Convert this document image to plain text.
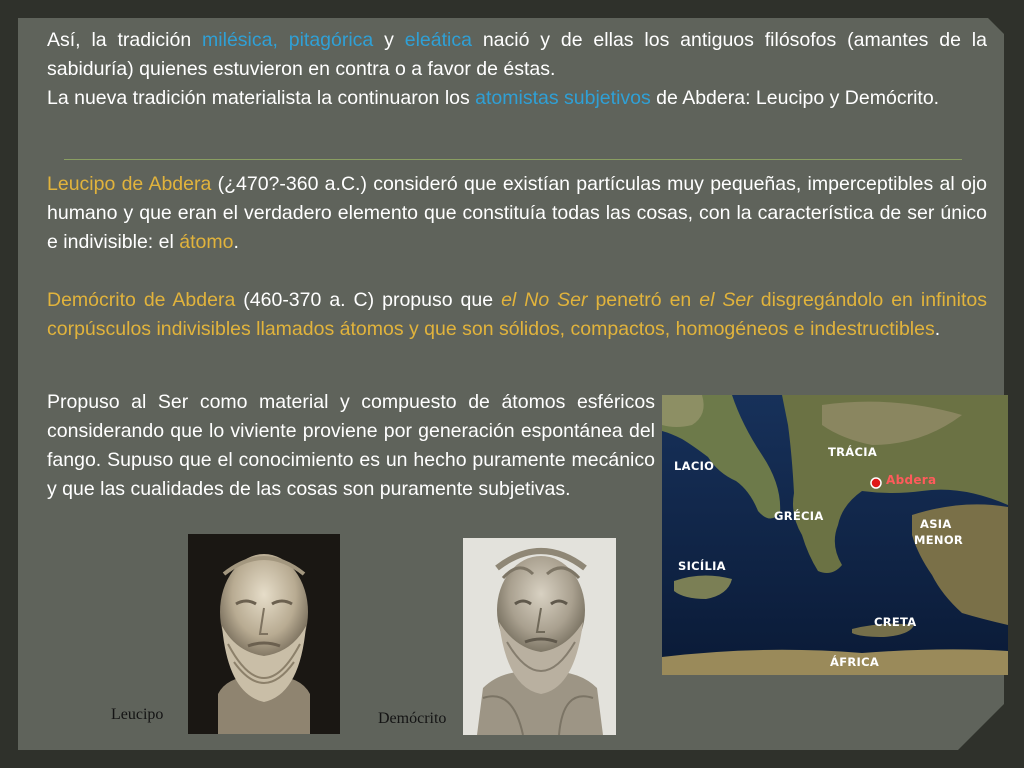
Así, la tradición milésica, pitagórica y eleática nació y de ellas los antiguos filósofos (amantes de la sabiduría) quienes estuvieron en contra o a favor de éstas.

La nueva tradición materialista la continuaron los atomistas subjetivos de Abdera: Leucipo y Demócrito.

Leucipo de Abdera (¿470?-360 a.C.) consideró que existían partículas muy pequeñas, imperceptibles al ojo humano y que eran el verdadero elemento que constituía todas las cosas, con la característica de ser único e indivisible: el átomo.

Demócrito de Abdera (460-370 a. C) propuso que el No Ser penetró en el Ser disgregándolo en infinitos corpúsculos indivisibles llamados átomos y que son sólidos, compactos, homogéneos e indestructibles.

Propuso al Ser como material y compuesto de átomos esféricos considerando que lo viviente proviene por generación espontánea del fango. Supuso que el conocimiento es un hecho puramente mecánico y que las cualidades de las cosas son puramente subjetivas.

Leucipo	Demócrito
TRÁCIA
Abdera
LACIO
GRÉCIA
ASIA
MENOR
SICÍLIA
CRETA
ÁFRICA
